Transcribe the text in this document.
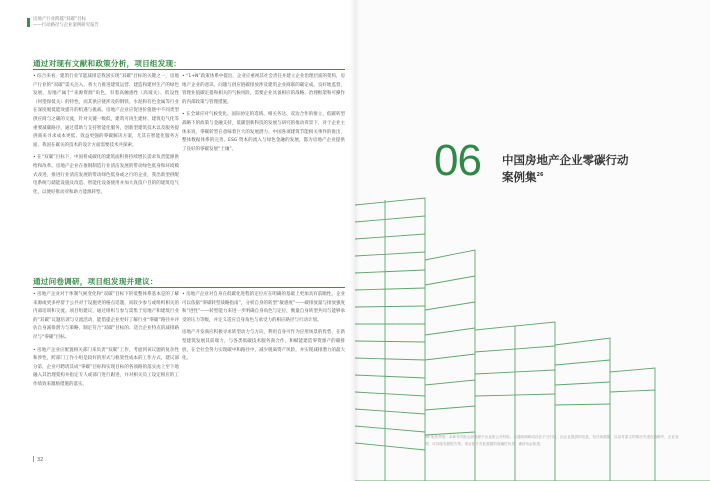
房地产行业跨越“双碳”目标
——行动路径与企业案例研究报告
通过对现有文献和政策分析，项目组发现：

• 综合来看，建筑行业节能减排是我国实现“双碳”目标的关键之一，房地产行业的“双碳”需关注入、将大力推进建筑运营、建造和建材生产的绿色发展。房地产属于“来源资源”角色，有着高触感性（高坡关）、低设性（何望保低关）的特性，而其供应链涉及的钢铁、水泥和有色金属等行业在深度脱低能效提升的机遇与挑战。房地产企业应促进价值链中不同类型供应商与之碳的交流，针对关键一级低，建筑可再生建材、建筑电气化等重要减碳路径，通过借助与支持智能化服务，创新型建筑技术以及服务提供商来寻求成本更低、效益更强的零碳解决方案，尤其在智能化服务方面，我国在碳关的技术的设计方面需要技术共探索。

• 在“双碳”目标下，中国将成碳化的建筑面积将持续增长需求负责能源供给和改革。房地产企业在推钢制造行业清洁发展的带动绿色低身和环境模式改进，推进行业清洁发展的带动绿色低身或之行的企业，我出新型供配电系统与储能设施及改造、智能化设备使用并加大真技户目的的建筑电气化，以便好推动对和助力能源转型。

• “1+N”政策体系中提出，企业应重视其社会责任并建立企业治理层面的架构，房地产企业的意识、问题与供应链碳排放涉及建筑企业商联的碳定成。良好地监督，管理业值碳定提和相关的气候风险，需要企业具备相应的战略、治理框架和可操作的内部政策与管理措施。

• 在全球应对气候变化、国际协定的选域、相关务达、双边合作的推立，低碳转型战略下的政策与金融支持，低碳创新科技的发展与研究的推动背景下，对于企业主体来说，零碳转型在意味着巨大的发展潜力。中国各项建筑节能相关事件的推出，整体数据体系的完善，ESG 资本的流入与绿色金融的发展，都为房地产企业提供了良好的零碳发展“土壤”。

通过问卷调研，项目组发现并建议：

• 房地产企业对于体制气候变化和“双碳”目标下的低整体系基本是的了解来源或更多停留于公共对于设施更的格点话题，而较少参与或组织相关的内部培训和交流。项目组建议，通过组织与参与需集于房地产和建筑行业的“双碳”议题培训与交流活动，能借提企业更好了解行业“零碳”路径并评估自身减排潜力与策略，制定符合“双碳”目标的、适合企业特点的减排路径与“零碳”目标。

• 房地产企业应配置相关部门来负责“双碳”工作，考虑到该议题的复杂性和涉性，跨部门工作小组是较好的形式与框架性成本的工作方式。建议部分第，企业可聘请其成“零碳”目标和实现目标的各项路的落实由上至下地融入其治理架构并指定专人或部门进行跟进，并对相关员工设定相应的工作绩效来激励措施的落实。

• 房地产企业对自身在低碳化进程的定位应在明确的基础上更加具有前瞻性。企业可以依据“零碳转型战略指南”，分析自身的转型“敏感度”——碳排放量与排放强度和“进性”——转型能力来进一步明确自身角色与定位，衡量自身转型共同与能够承受的压力等级，并定义适应自身角色与承受力的相应路径与行动计划。

房地产开发商应积极寻求转型动力与方向，利用自身可作为应用场景的优势，在新型建筑发展其前端力，与各类低碳技术服务商合作，和赋能建造零资源产的碳排放，在全社会努力实现碳中和路径中，减少脱离资产风险，并实现减排潜力的最大化。

32
06 中国房地产企业零碳行动
案例集$^{26}$
26 免责声明：本章节内容全部来源于企业的公开材料，未通知调研或存在不当引用，由企业提供的信息，有任何数据，以及对原文的情况引述在编辑中，企业官网，可持续发展报告等。项目组不对此数据的准确性负责，谨请务必知悉。
